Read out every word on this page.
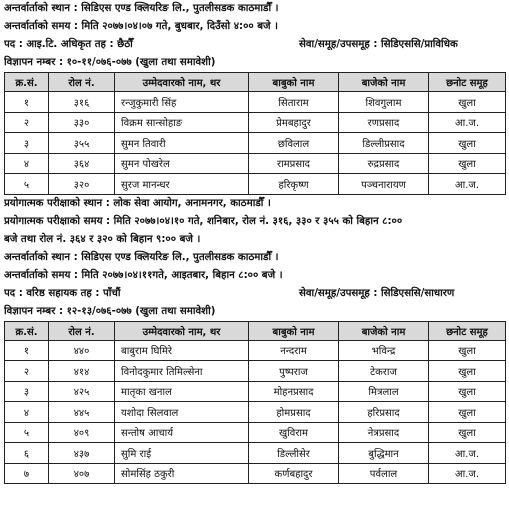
अन्तर्वार्ताको स्थान : सिडिएस एण्ड क्लियरिङ लि., पुतलीसडक काठमाडौँ ।
अन्तर्वार्ताको समय : मिति २०७७।०४।०७ गते, बुधबार, दिउँसो ४:०० बजे ।
पद : आइ.टि. अधिकृत तह : छैठौँ	सेवा/समूह/उपसमूह : सिडिएससि/प्राविधिक
विज्ञापन नम्बर : १०-११/०७६-०७७ (खुला तथा समावेशी)
क्र.सं.	रोल नं.	उम्मेदवारको नाम, थर	बाबुको नाम	बाजेको नाम	छनोट समूह
१	३१६	रन्जुकुमारी सिंह	सिताराम	शिवगुलाम	खुला
२	३३०	विक्रम सान्सोहाङ	प्रेमबहादुर	रणप्रसाद	आ.ज.
३	३५५	सुमन तिवारी	छविलाल	डिल्लीप्रसाद	खुला
४	३६४	सुमन पोखरेल	रामप्रसाद	रुद्रप्रसाद	खुला
५	३२०	सुरज मानन्धर	हरिकृष्ण	पञ्चनारायण	आ.ज.
प्रयोगात्मक परीक्षाको स्थान : लोक सेवा आयोग, अनामनगर, काठमाडौँ ।
प्रयोगात्मक परीक्षाको समय : मिति २०७७।०४।१० गते, शनिबार, रोल नं. ३१६, ३३० र ३५५ को बिहान ८:००
बजे तथा रोल नं. ३६४ र ३२० को बिहान ९:०० बजे ।
अन्तर्वार्ताको स्थान : सिडिएस एण्ड क्लियरिङ लि., पुतलीसडक काठमाडौँ ।
अन्तर्वार्ताको समय : मिति २०७७।०४।११गते, आइतबार, बिहान ८:०० बजे ।
पद : वरिष्ठ सहायक तह : पाँचौं	सेवा/समूह/उपसमूह : सिडिएससि/साधारण
विज्ञापन नम्बर : १२-१३/०७६-०७७ (खुला तथा समावेशी)
क्र.सं.	रोल नं.	उम्मेदवारको नाम, थर	बाबुको नाम	बाजेको नाम	छनोट समूह
१	४४०	बाबुराम घिमिरे	नन्दराम	भविन्द्र	खुला
२	४१४	विनोदकुमार तिमिल्सेना	पुष्पराज	टेकराज	खुला
३	४२५	मातृका खनाल	मोहनप्रसाद	मित्रलाल	खुला
४	४४५	यशोदा सिलवाल	होमप्रसाद	हरिप्रसाद	खुला
५	४०९	सन्तोष आचार्य	खुविराम	नेत्रप्रसाद	खुला
६	४३७	सुमि राई	डिल्लीसेर	बुद्धिमान	आ.ज.
७	४०७	सोमसिंह ठकुरी	कर्णबहादुर	पर्वलाल	आ.ज.
